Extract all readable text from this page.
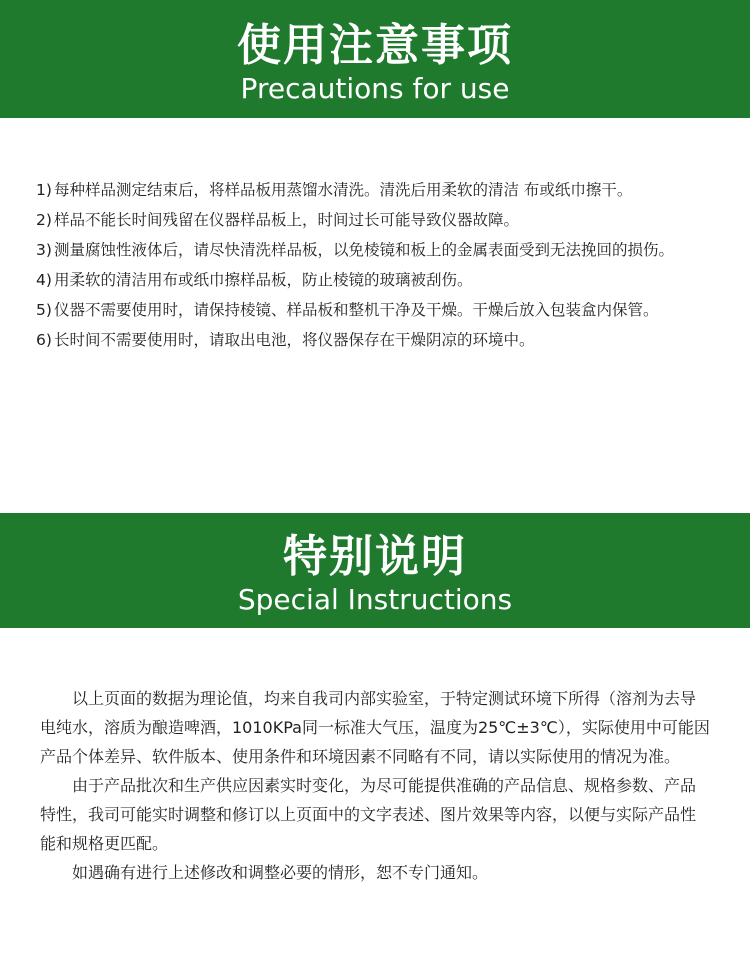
使用注意事项
Precautions for use
1) 每种样品测定结束后，将样品板用蒸馏水清洗。清洗后用柔软的清洁 布或纸巾擦干。
2) 样品不能长时间残留在仪器样品板上，时间过长可能导致仪器故障。
3) 测量腐蚀性液体后，请尽快清洗样品板，以免棱镜和板上的金属表面受到无法挽回的损伤。
4) 用柔软的清洁用布或纸巾擦样品板，防止棱镜的玻璃被刮伤。
5) 仪器不需要使用时，请保持棱镜、样品板和整机干净及干燥。干燥后放入包装盒内保管。
6) 长时间不需要使用时，请取出电池，将仪器保存在干燥阴凉的环境中。
特别说明
Special Instructions

以上页面的数据为理论值，均来自我司内部实验室，于特定测试环境下所得（溶剂为去导电纯水，溶质为酿造啤酒，1010KPa同一标准大气压，温度为25℃±3℃），实际使用中可能因产品个体差异、软件版本、使用条件和环境因素不同略有不同，请以实际使用的情况为准。

由于产品批次和生产供应因素实时变化，为尽可能提供准确的产品信息、规格参数、产品特性，我司可能实时调整和修订以上页面中的文字表述、图片效果等内容，以便与实际产品性能和规格更匹配。

如遇确有进行上述修改和调整必要的情形，恕不专门通知。
